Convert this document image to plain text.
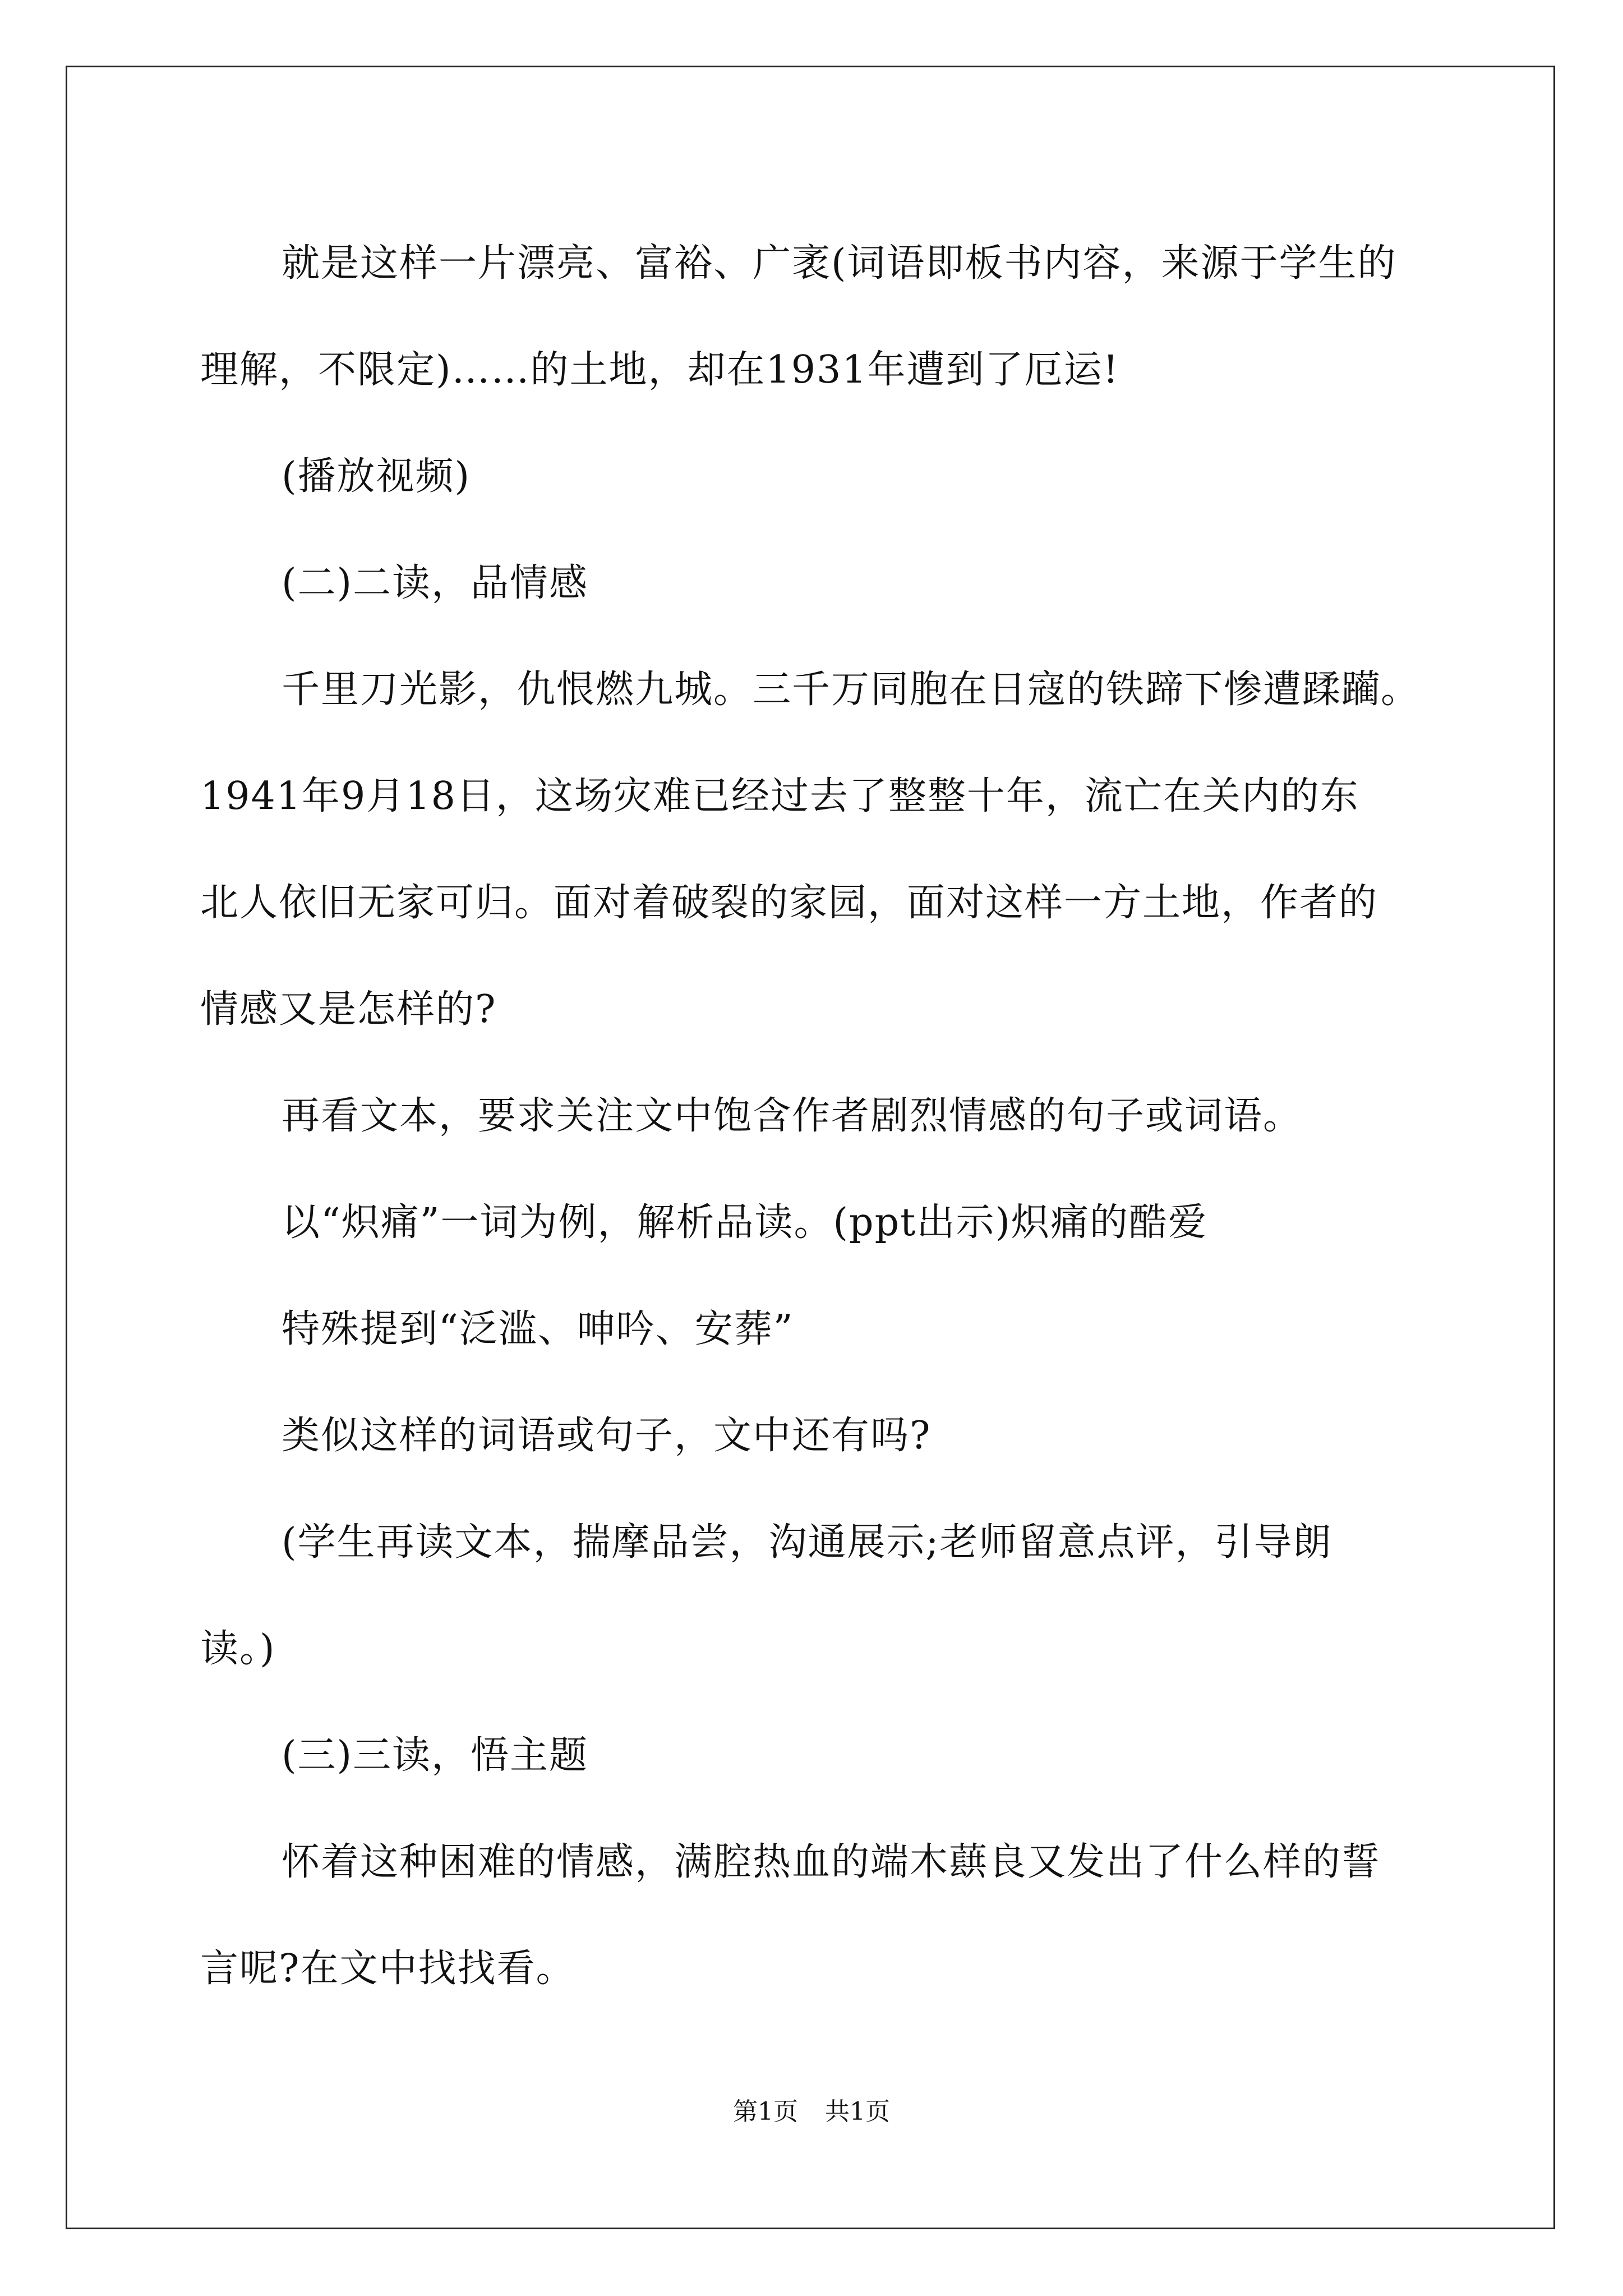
就是这样一片漂亮、富裕、广袤(词语即板书内容，来源于学生的

理解，不限定)……的土地，却在1931年遭到了厄运!

(播放视频)

(二)二读，品情感

千里刀光影，仇恨燃九城。三千万同胞在日寇的铁蹄下惨遭蹂躏。

1941年9月18日，这场灾难已经过去了整整十年，流亡在关内的东

北人依旧无家可归。面对着破裂的家园，面对这样一方土地，作者的

情感又是怎样的?

再看文本，要求关注文中饱含作者剧烈情感的句子或词语。

以“炽痛”一词为例，解析品读。(ppt出示)炽痛的酷爱

特殊提到“泛滥、呻吟、安葬”

类似这样的词语或句子，文中还有吗?

(学生再读文本，揣摩品尝，沟通展示;老师留意点评，引导朗

读。)

(三)三读，悟主题

怀着这种困难的情感，满腔热血的端木蕻良又发出了什么样的誓

言呢?在文中找找看。

第1页 共1页
